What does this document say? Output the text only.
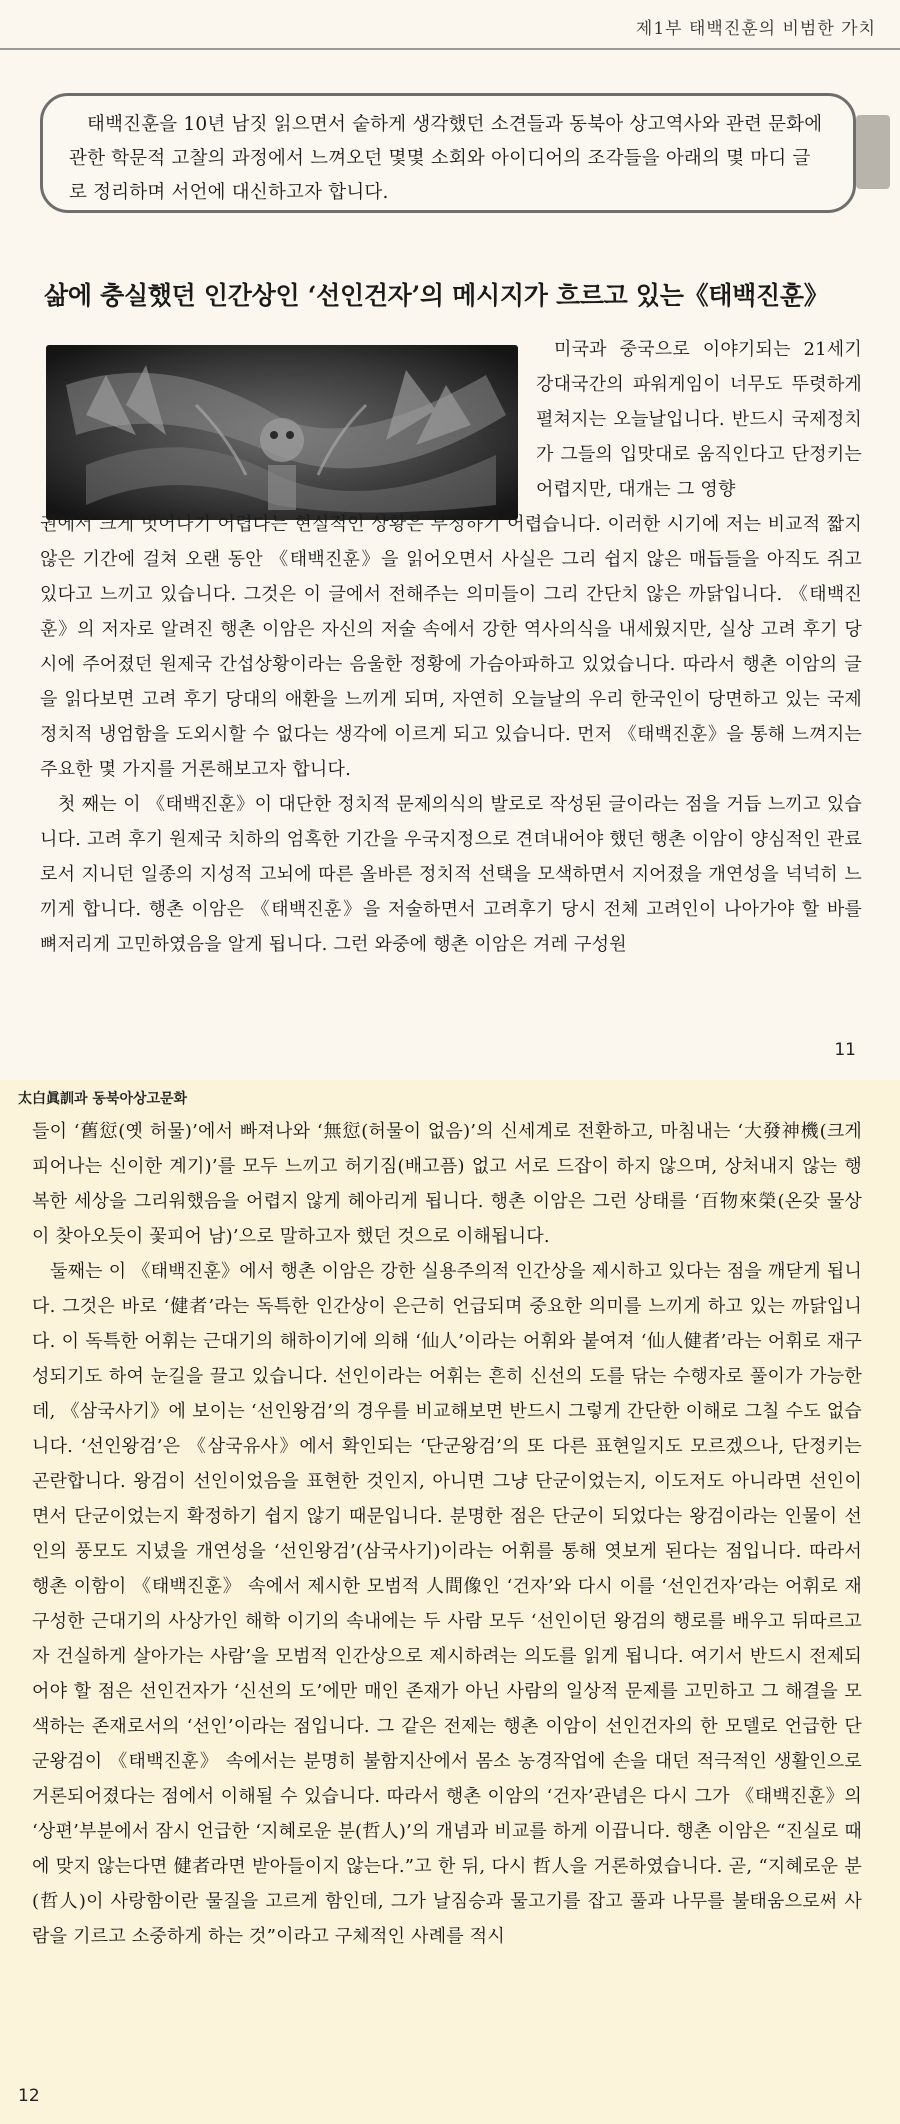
제1부 태백진훈의 비범한 가치

태백진훈을 10년 남짓 읽으면서 숱하게 생각했던 소견들과 동북아 상고역사와 관련 문화에 관한 학문적 고찰의 과정에서 느껴오던 몇몇 소회와 아이디어의 조각들을 아래의 몇 마디 글로 정리하며 서언에 대신하고자 합니다.

삶에 충실했던 인간상인 ‘선인건자’의 메시지가 흐르고 있는《태백진훈》

미국과 중국으로 이야기되는 21세기 강대국간의 파워게임이 너무도 뚜렷하게 펼쳐지는 오늘날입니다. 반드시 국제정치가 그들의 입맛대로 움직인다고 단정키는 어렵지만, 대개는 그 영향

권에서 크게 벗어나기 어렵다는 현실적인 상황은 부정하기 어렵습니다. 이러한 시기에 저는 비교적 짧지 않은 기간에 걸쳐 오랜 동안 《태백진훈》을 읽어오면서 사실은 그리 쉽지 않은 매듭들을 아직도 쥐고 있다고 느끼고 있습니다. 그것은 이 글에서 전해주는 의미들이 그리 간단치 않은 까닭입니다. 《태백진훈》의 저자로 알려진 행촌 이암은 자신의 저술 속에서 강한 역사의식을 내세웠지만, 실상 고려 후기 당시에 주어졌던 원제국 간섭상황이라는 음울한 정황에 가슴아파하고 있었습니다. 따라서 행촌 이암의 글을 읽다보면 고려 후기 당대의 애환을 느끼게 되며, 자연히 오늘날의 우리 한국인이 당면하고 있는 국제정치적 냉엄함을 도외시할 수 없다는 생각에 이르게 되고 있습니다. 먼저 《태백진훈》을 통해 느껴지는 주요한 몇 가지를 거론해보고자 합니다.

첫 째는 이 《태백진훈》이 대단한 정치적 문제의식의 발로로 작성된 글이라는 점을 거듭 느끼고 있습니다. 고려 후기 원제국 치하의 엄혹한 기간을 우국지정으로 견뎌내어야 했던 행촌 이암이 양심적인 관료로서 지니던 일종의 지성적 고뇌에 따른 올바른 정치적 선택을 모색하면서 지어졌을 개연성을 넉넉히 느끼게 합니다. 행촌 이암은 《태백진훈》을 저술하면서 고려후기 당시 전체 고려인이 나아가야 할 바를 뼈저리게 고민하였음을 알게 됩니다. 그런 와중에 행촌 이암은 겨레 구성원

11
太白眞訓과 동북아상고문화

들이 ‘舊愆(옛 허물)’에서 빠져나와 ‘無愆(허물이 없음)’의 신세계로 전환하고, 마침내는 ‘大發神機(크게 피어나는 신이한 계기)’를 모두 느끼고 허기짐(배고픔) 없고 서로 드잡이 하지 않으며, 상처내지 않는 행복한 세상을 그리워했음을 어렵지 않게 헤아리게 됩니다. 행촌 이암은 그런 상태를 ‘百物來榮(온갖 물상이 찾아오듯이 꽃피어 남)’으로 말하고자 했던 것으로 이해됩니다.

둘째는 이 《태백진훈》에서 행촌 이암은 강한 실용주의적 인간상을 제시하고 있다는 점을 깨닫게 됩니다. 그것은 바로 ‘健者’라는 독특한 인간상이 은근히 언급되며 중요한 의미를 느끼게 하고 있는 까닭입니다. 이 독특한 어휘는 근대기의 해하이기에 의해 ‘仙人’이라는 어휘와 붙여져 ‘仙人健者’라는 어휘로 재구성되기도 하여 눈길을 끌고 있습니다. 선인이라는 어휘는 흔히 신선의 도를 닦는 수행자로 풀이가 가능한데, 《삼국사기》에 보이는 ‘선인왕검’의 경우를 비교해보면 반드시 그렇게 간단한 이해로 그칠 수도 없습니다. ‘선인왕검’은 《삼국유사》에서 확인되는 ‘단군왕검’의 또 다른 표현일지도 모르겠으나, 단정키는 곤란합니다. 왕검이 선인이었음을 표현한 것인지, 아니면 그냥 단군이었는지, 이도저도 아니라면 선인이면서 단군이었는지 확정하기 쉽지 않기 때문입니다. 분명한 점은 단군이 되었다는 왕검이라는 인물이 선인의 풍모도 지녔을 개연성을 ‘선인왕검’(삼국사기)이라는 어휘를 통해 엿보게 된다는 점입니다. 따라서 행촌 이함이 《태백진훈》 속에서 제시한 모범적 人間像인 ‘건자’와 다시 이를 ‘선인건자’라는 어휘로 재구성한 근대기의 사상가인 해학 이기의 속내에는 두 사람 모두 ‘선인이던 왕검의 행로를 배우고 뒤따르고자 건실하게 살아가는 사람’을 모범적 인간상으로 제시하려는 의도를 읽게 됩니다. 여기서 반드시 전제되어야 할 점은 선인건자가 ‘신선의 도’에만 매인 존재가 아닌 사람의 일상적 문제를 고민하고 그 해결을 모색하는 존재로서의 ‘선인’이라는 점입니다. 그 같은 전제는 행촌 이암이 선인건자의 한 모델로 언급한 단군왕검이 《태백진훈》 속에서는 분명히 불함지산에서 몸소 농경작업에 손을 대던 적극적인 생활인으로 거론되어졌다는 점에서 이해될 수 있습니다. 따라서 행촌 이암의 ‘건자’관념은 다시 그가 《태백진훈》의 ‘상편’부분에서 잠시 언급한 ‘지혜로운 분(哲人)’의 개념과 비교를 하게 이끕니다. 행촌 이암은 “진실로 때에 맞지 않는다면 健者라면 받아들이지 않는다.”고 한 뒤, 다시 哲人을 거론하였습니다. 곧, “지혜로운 분(哲人)이 사랑함이란 물질을 고르게 함인데, 그가 날짐승과 물고기를 잡고 풀과 나무를 불태움으로써 사람을 기르고 소중하게 하는 것”이라고 구체적인 사례를 적시

12
